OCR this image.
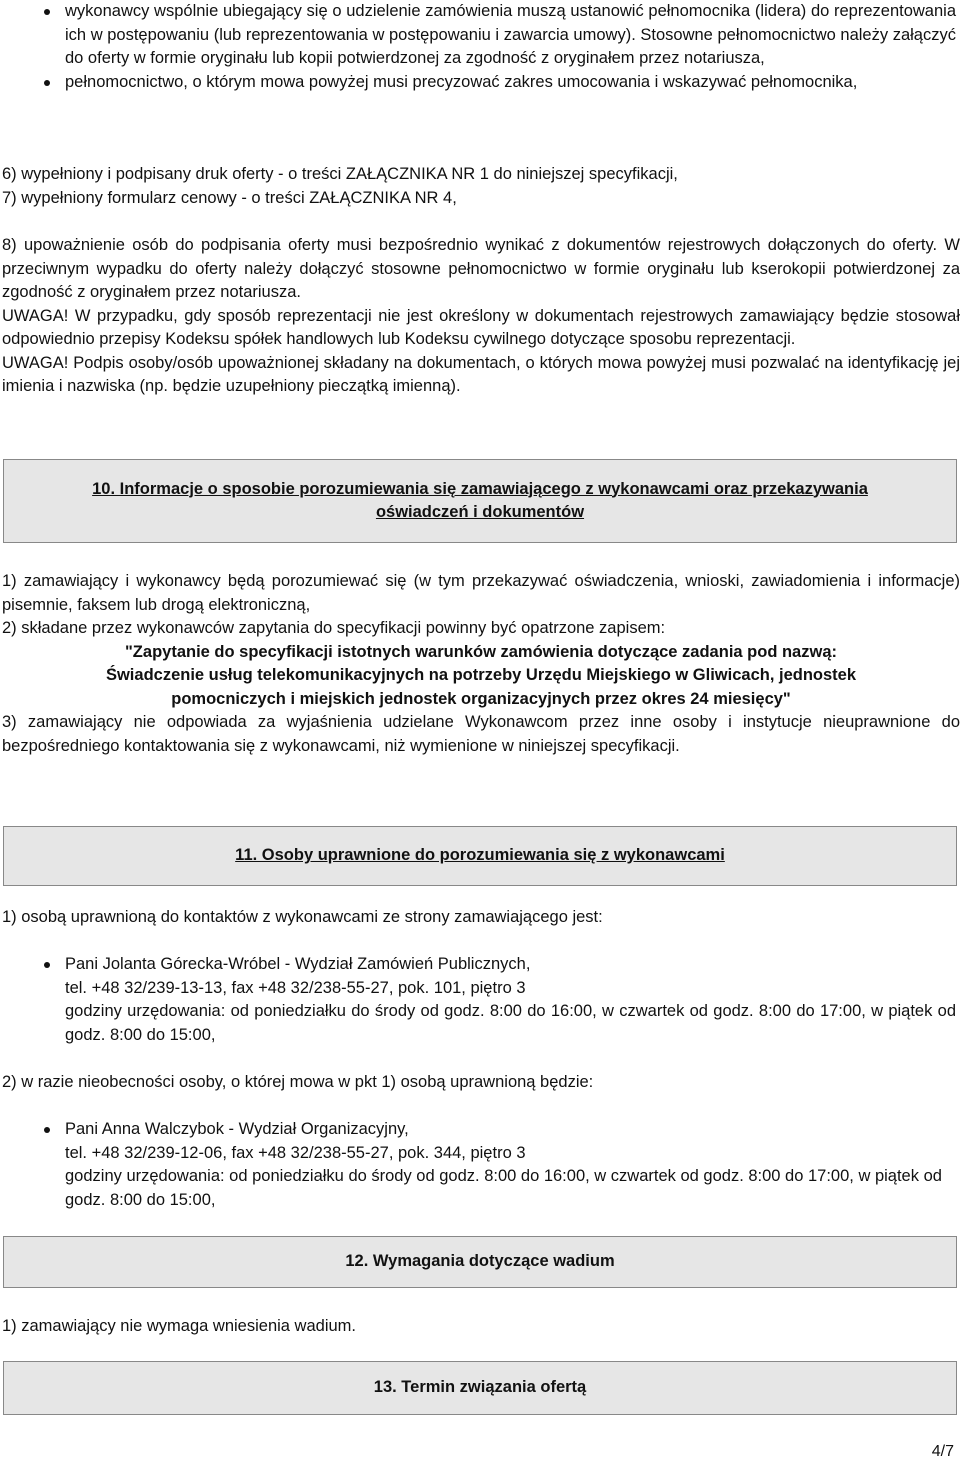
wykonawcy wspólnie ubiegający się o udzielenie zamówienia muszą ustanowić pełnomocnika (lidera) do reprezentowania ich w postępowaniu (lub reprezentowania w postępowaniu i zawarcia umowy). Stosowne pełnomocnictwo należy załączyć do oferty w formie oryginału lub kopii potwierdzonej za zgodność z oryginałem przez notariusza,

pełnomocnictwo, o którym mowa powyżej musi precyzować zakres umocowania i wskazywać pełnomocnika,

6) wypełniony i podpisany druk oferty - o treści ZAŁĄCZNIKA NR 1 do niniejszej specyfikacji,

7) wypełniony formularz cenowy - o treści ZAŁĄCZNIKA NR 4,

8) upoważnienie osób do podpisania oferty musi bezpośrednio wynikać z dokumentów rejestrowych dołączonych do oferty. W przeciwnym wypadku do oferty należy dołączyć stosowne pełnomocnictwo w formie oryginału lub kserokopii potwierdzonej za zgodność z oryginałem przez notariusza.

UWAGA! W przypadku, gdy sposób reprezentacji nie jest określony w dokumentach rejestrowych zamawiający będzie stosował odpowiednio przepisy Kodeksu spółek handlowych lub Kodeksu cywilnego dotyczące sposobu reprezentacji.

UWAGA! Podpis osoby/osób upoważnionej składany na dokumentach, o których mowa powyżej musi pozwalać na identyfikację jej imienia i nazwiska (np. będzie uzupełniony pieczątką imienną).

10. Informacje o sposobie porozumiewania się zamawiającego z wykonawcami oraz przekazywania
oświadczeń i dokumentów

1) zamawiający i wykonawcy będą porozumiewać się (w tym przekazywać oświadczenia, wnioski, zawiadomienia i informacje) pisemnie, faksem lub drogą elektroniczną,

2) składane przez wykonawców zapytania do specyfikacji powinny być opatrzone zapisem:

"Zapytanie do specyfikacji istotnych warunków zamówienia dotyczące zadania pod nazwą:

Świadczenie usług telekomunikacyjnych na potrzeby Urzędu Miejskiego w Gliwicach, jednostek

pomocniczych i miejskich jednostek organizacyjnych przez okres 24 miesięcy"

3) zamawiający nie odpowiada za wyjaśnienia udzielane Wykonawcom przez inne osoby i instytucje nieuprawnione do bezpośredniego kontaktowania się z wykonawcami, niż wymienione w niniejszej specyfikacji.

11. Osoby uprawnione do porozumiewania się z wykonawcami

1) osobą uprawnioną do kontaktów z wykonawcami ze strony zamawiającego jest:

Pani Jolanta Górecka-Wróbel - Wydział Zamówień Publicznych,

tel. +48 32/239-13-13, fax +48 32/238-55-27, pok. 101, piętro 3

godziny urzędowania: od poniedziałku do środy od godz. 8:00 do 16:00, w czwartek od godz. 8:00 do 17:00, w piątek od godz. 8:00 do 15:00,

2) w razie nieobecności osoby, o której mowa w pkt 1) osobą uprawnioną będzie:

Pani Anna Walczybok - Wydział Organizacyjny,

tel. +48 32/239-12-06, fax +48 32/238-55-27, pok. 344, piętro 3

godziny urzędowania: od poniedziałku do środy od godz. 8:00 do 16:00, w czwartek od godz. 8:00 do 17:00, w piątek od godz. 8:00 do 15:00,

12. Wymagania dotyczące wadium

1) zamawiający nie wymaga wniesienia wadium.

13. Termin związania ofertą
4/7
